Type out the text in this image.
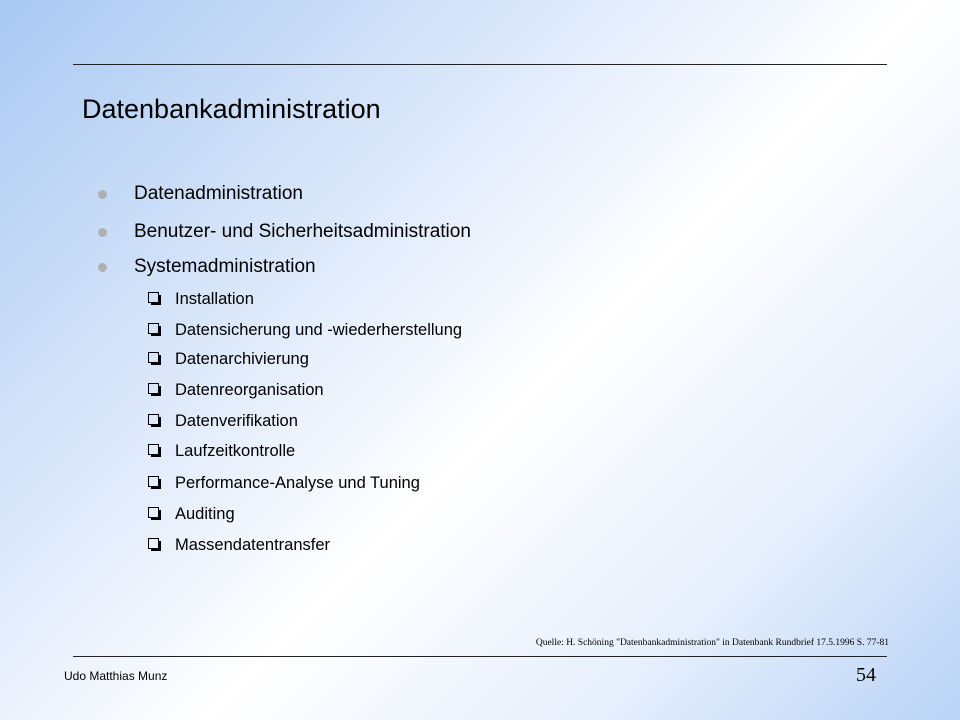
Datenbankadministration
Datenadministration
Benutzer- und Sicherheitsadministration
Systemadministration
Installation
Datensicherung und -wiederherstellung
Datenarchivierung
Datenreorganisation
Datenverifikation
Laufzeitkontrolle
Performance-Analyse und Tuning
Auditing
Massendatentransfer
Quelle: H. Schöning "Datenbankadministration" in Datenbank Rundbrief 17.5.1996 S. 77-81
Udo Matthias Munz	54
